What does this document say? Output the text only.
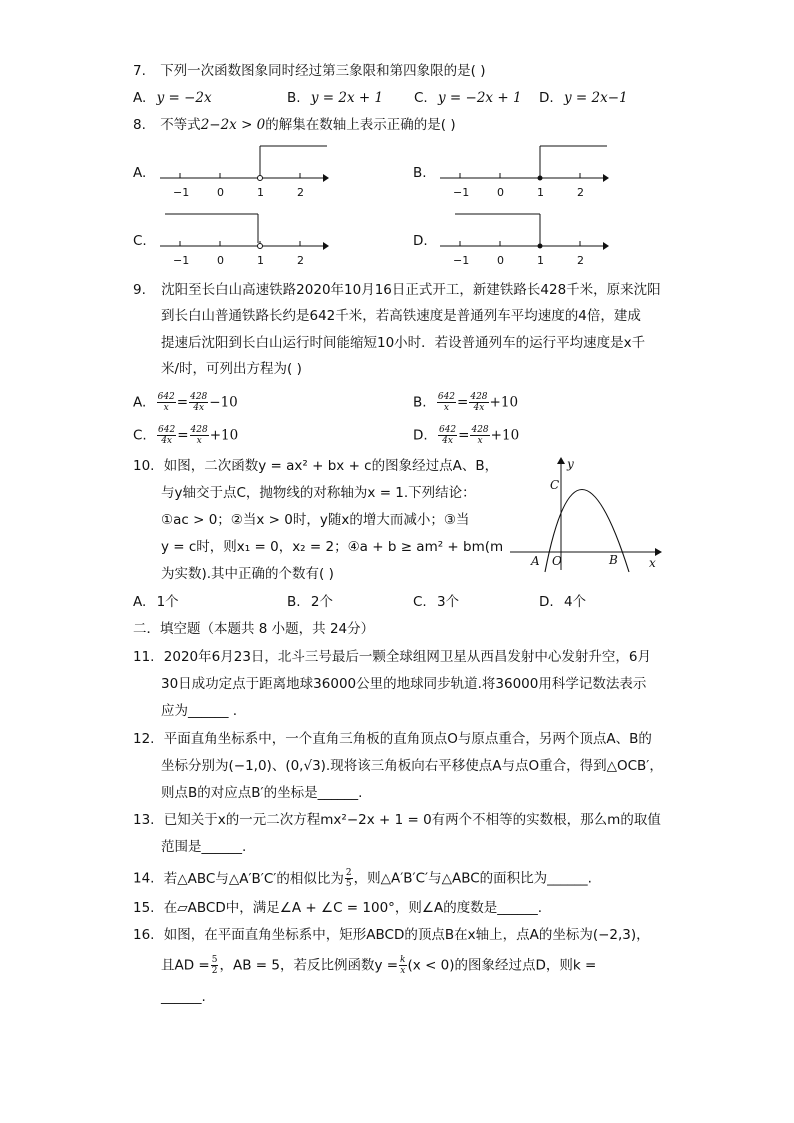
7. 下列一次函数图象同时经过第三象限和第四象限的是( )
A. y = −2x	B. y = 2x + 1 C. y = −2x + 1 D. y = 2x−1
8. 不等式2−2x > 0的解集在数轴上表示正确的是( )
A.	B.
C.	D.
−1	0	1	2	−1	0	1	2
−1	0	1	2	−1	0	1	2
9. 沈阳至长白山高速铁路2020年10月16日正式开工，新建铁路长428千米，原来沈阳
到长白山普通铁路长约是642千米，若高铁速度是普通列车平均速度的4倍，建成
提速后沈阳到长白山运行时间能缩短10小时．若设普通列车的运行平均速度是x千
米/时，可列出方程为( )
A. $\frac{642}{x} = \frac{428}{4x} -10$	B. $\frac{642}{x} = \frac{428}{4x} +10$
C. $\frac{642}{4x} = \frac{428}{x} +10$	D. $\frac{642}{4x} = \frac{428}{x} +10$
10. 如图，二次函数y = ax² + bx + c的图象经过点A、B，
与y轴交于点C，抛物线的对称轴为x = 1.下列结论：
①ac > 0；②当x > 0时，y随x的增大而减小；③当
y = c时，则x₁ = 0，x₂ = 2；④a + b ≥ am² + bm(m
为实数).其中正确的个数有( )
y
x
C
A O	B
A. 1个	B. 2个	C. 3个	D. 4个
二．填空题（本题共 8 小题，共 24分）
11. 2020年6月23日，北斗三号最后一颗全球组网卫星从西昌发射中心发射升空，6月
30日成功定点于距离地球36000公里的地球同步轨道.将36000用科学记数法表示
应为______ .
12. 平面直角坐标系中，一个直角三角板的直角顶点O与原点重合，另两个顶点A、B的
坐标分别为(−1,0)、(0,√3).现将该三角板向右平移使点A与点O重合，得到△OCB′，
则点B的对应点B′的坐标是______.
13. 已知关于x的一元二次方程mx²−2x + 1 = 0有两个不相等的实数根，那么m的取值
范围是______.
14. 若△ABC与△A′B′C′的相似比为 $\frac{2}{5}$ ，则△A′B′C′与△ABC的面积比为______.
15. 在▱ABCD中，满足∠A + ∠C = 100°，则∠A的度数是______.
16. 如图，在平面直角坐标系中，矩形ABCD的顶点B在x轴上，点A的坐标为(−2,3)，
且AD = $\frac{5}{2}$ ，AB = 5，若反比例函数$y = \frac{k}{x} (x < 0)$的图象经过点D，则k =
______.
